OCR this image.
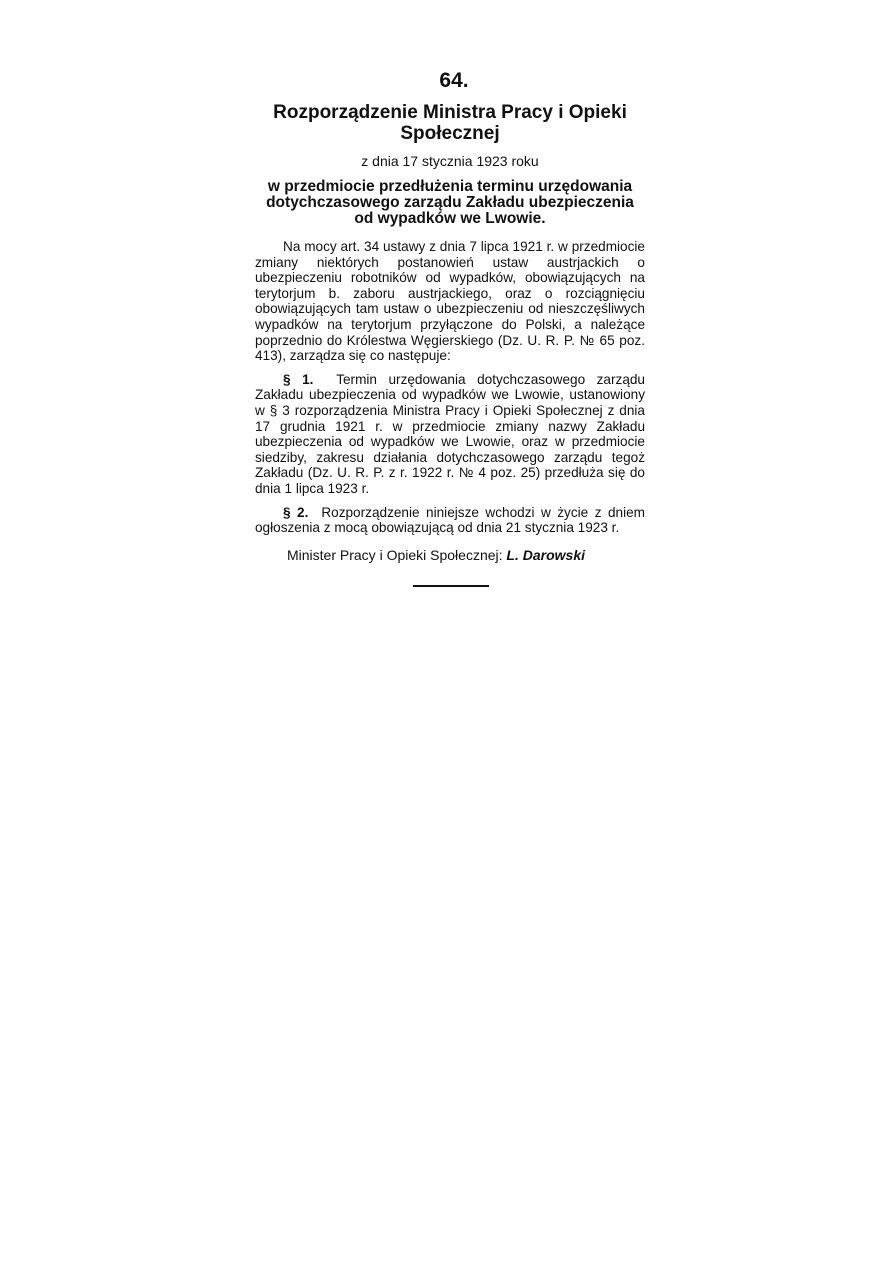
64.
Rozporządzenie Ministra Pracy i Opieki Społecznej
z dnia 17 stycznia 1923 roku
w przedmiocie przedłużenia terminu urzędowania dotychczasowego zarządu Zakładu ubezpieczenia od wypadków we Lwowie.

Na mocy art. 34 ustawy z dnia 7 lipca 1921 r. w przedmiocie zmiany niektórych postanowień ustaw austrjackich o ubezpieczeniu robotników od wypadków, obowiązujących na terytorjum b. zaboru austrjackiego, oraz o rozciągnięciu obowiązujących tam ustaw o ubezpieczeniu od nieszczęśliwych wypadków na terytorjum przyłączone do Polski, a należące poprzednio do Królestwa Węgierskiego (Dz. U. R. P. № 65 poz. 413), zarządza się co następuje:

§ 1. Termin urzędowania dotychczasowego zarządu Zakładu ubezpieczenia od wypadków we Lwowie, ustanowiony w § 3 rozporządzenia Ministra Pracy i Opieki Społecznej z dnia 17 grudnia 1921 r. w przedmiocie zmiany nazwy Zakładu ubezpieczenia od wypadków we Lwowie, oraz w przedmiocie siedziby, zakresu działania dotychczasowego zarządu tegoż Zakładu (Dz. U. R. P. z r. 1922 r. № 4 poz. 25) przedłuża się do dnia 1 lipca 1923 r.

§ 2. Rozporządzenie niniejsze wchodzi w życie z dniem ogłoszenia z mocą obowiązującą od dnia 21 stycznia 1923 r.

Minister Pracy i Opieki Społecznej: L. Darowski
